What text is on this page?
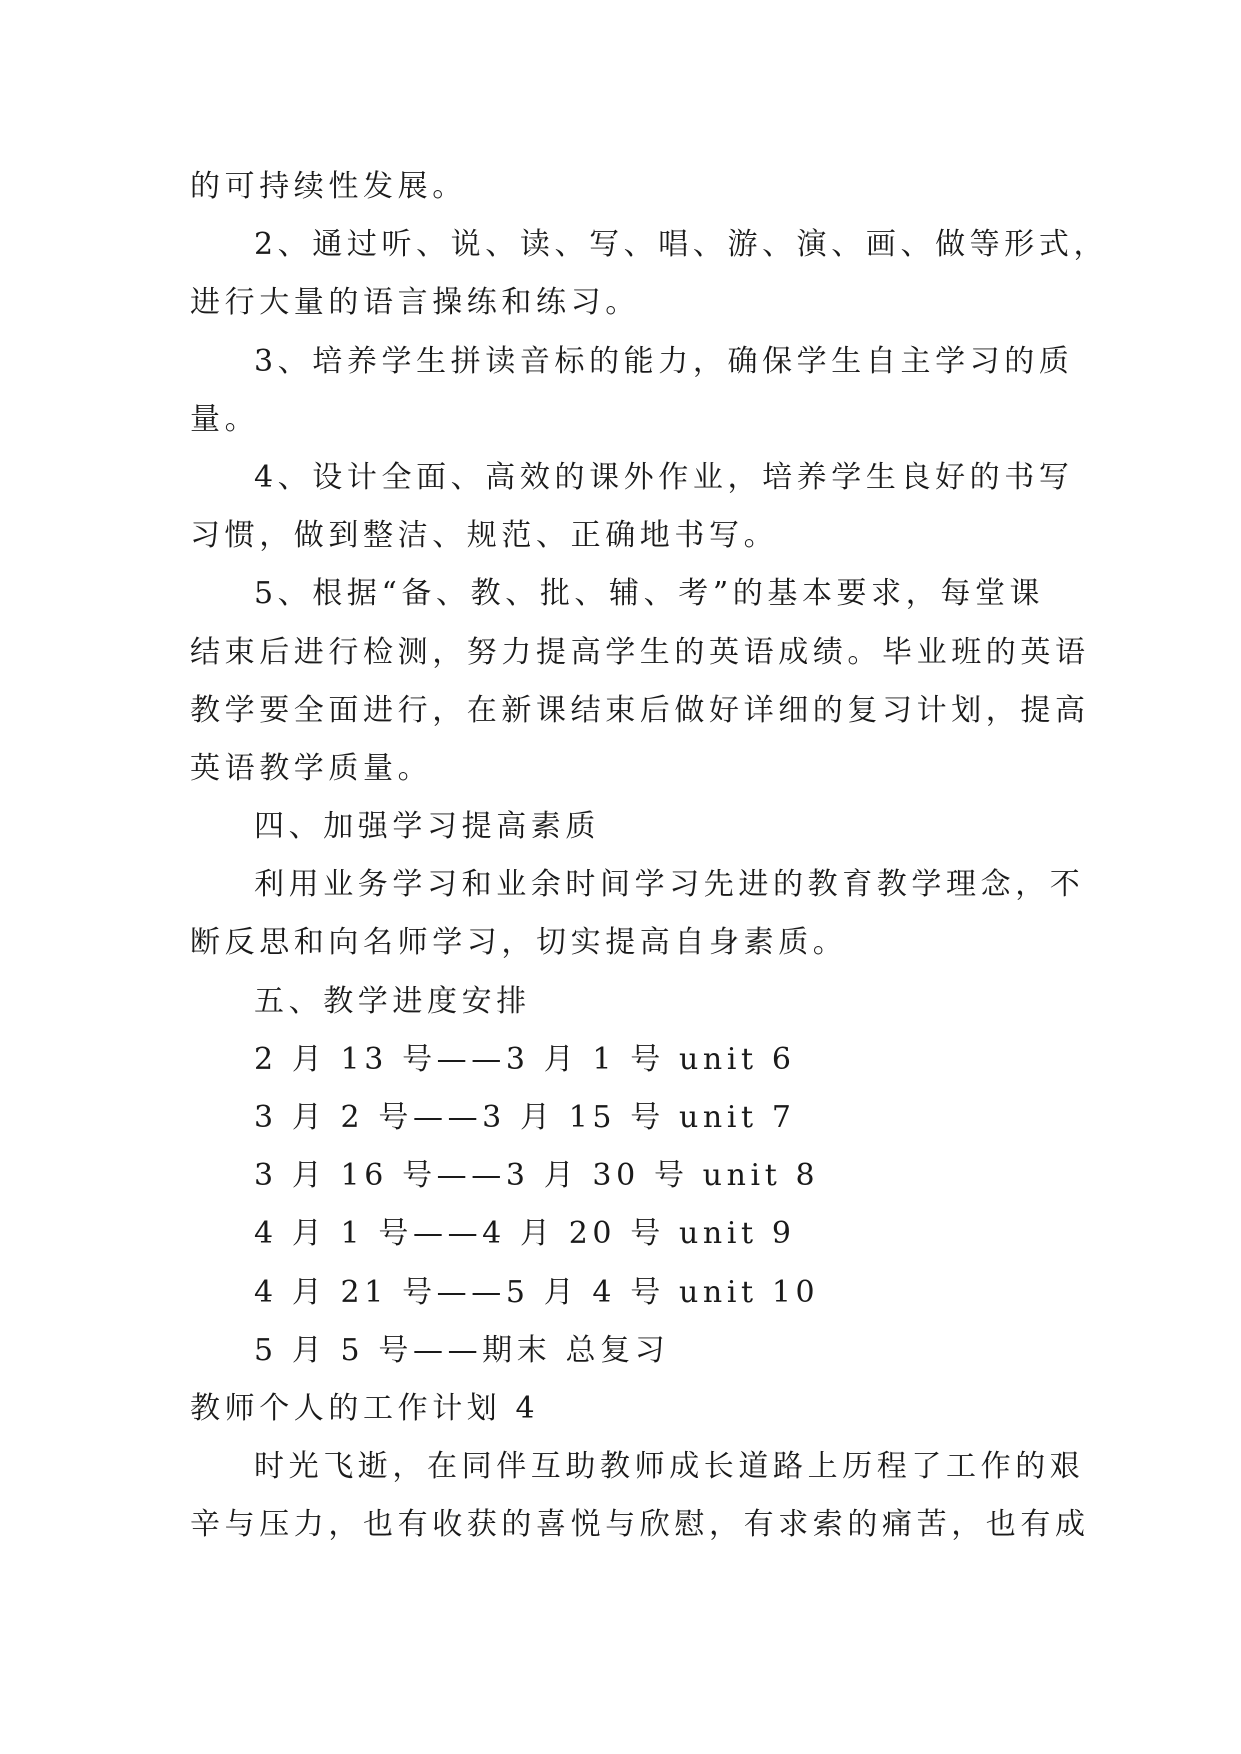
的可持续性发展。
2、通过听、说、读、写、唱、游、演、画、做等形式，
进行大量的语言操练和练习。
3、培养学生拼读音标的能力，确保学生自主学习的质
量。
4、设计全面、高效的课外作业，培养学生良好的书写
习惯，做到整洁、规范、正确地书写。
5、根据“备、教、批、辅、考”的基本要求，每堂课
结束后进行检测，努力提高学生的英语成绩。毕业班的英语
教学要全面进行，在新课结束后做好详细的复习计划，提高
英语教学质量。
四、加强学习提高素质
利用业务学习和业余时间学习先进的教育教学理念，不
断反思和向名师学习，切实提高自身素质。
五、教学进度安排
2 月 13 号——3 月 1 号 unit 6
3 月 2 号——3 月 15 号 unit 7
3 月 16 号——3 月 30 号 unit 8
4 月 1 号——4 月 20 号 unit 9
4 月 21 号——5 月 4 号 unit 10
5 月 5 号——期末 总复习
教师个人的工作计划 4
时光飞逝，在同伴互助教师成长道路上历程了工作的艰
辛与压力，也有收获的喜悦与欣慰，有求索的痛苦，也有成
